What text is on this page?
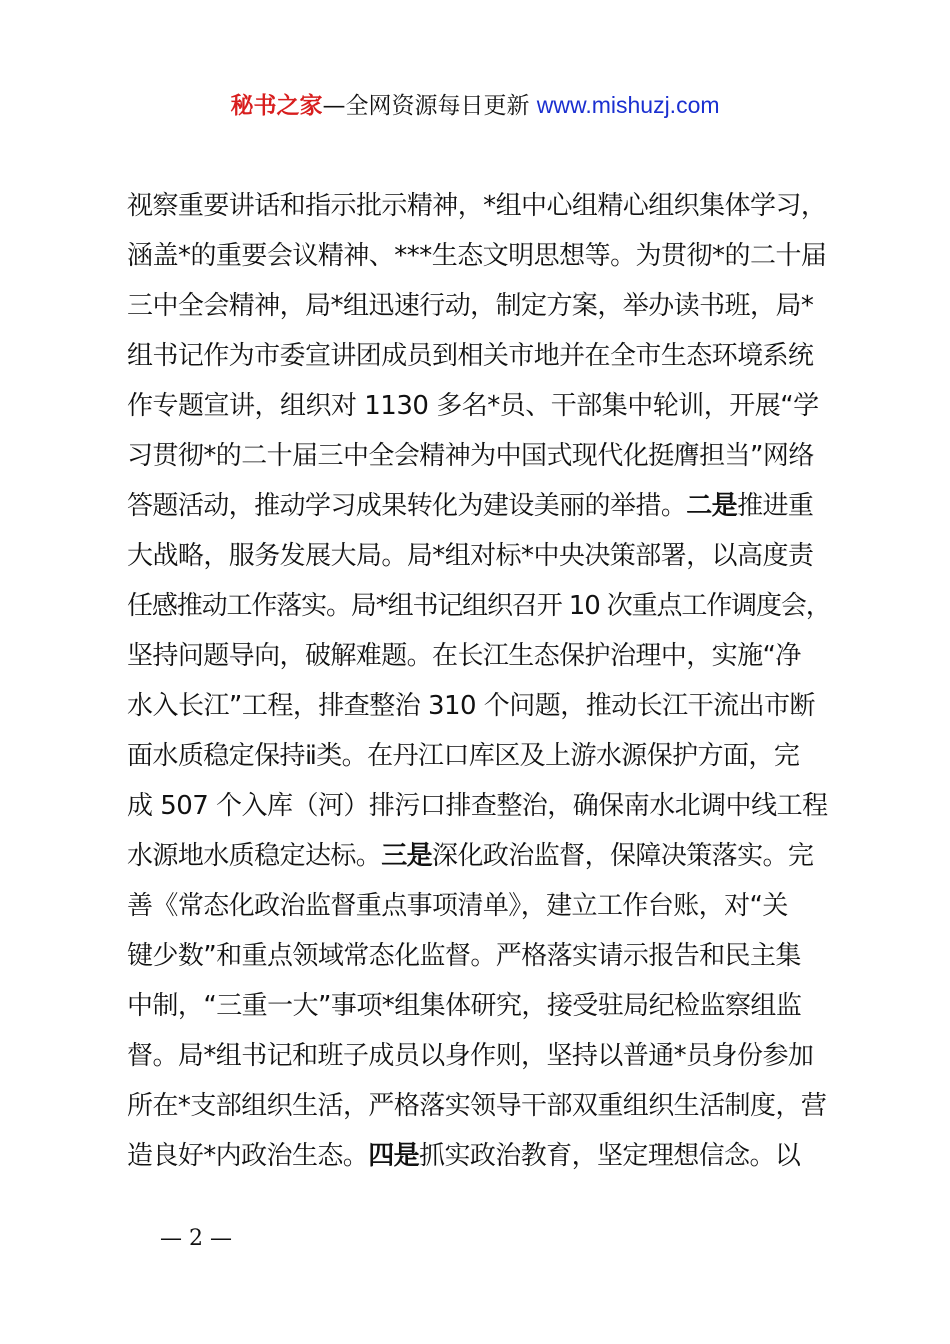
秘书之家—全网资源每日更新 www.mishuzj.com
视察重要讲话和指示批示精神，*组中心组精心组织集体学习，
涵盖*的重要会议精神、***生态文明思想等。为贯彻*的二十届
三中全会精神，局*组迅速行动，制定方案，举办读书班，局*
组书记作为市委宣讲团成员到相关市地并在全市生态环境系统
作专题宣讲，组织对 1130 多名*员、干部集中轮训，开展“学
习贯彻*的二十届三中全会精神为中国式现代化挺膺担当”网络
答题活动，推动学习成果转化为建设美丽的举措。二是推进重
大战略，服务发展大局。局*组对标*中央决策部署，以高度责
任感推动工作落实。局*组书记组织召开 10 次重点工作调度会，
坚持问题导向，破解难题。在长江生态保护治理中，实施“净
水入长江”工程，排查整治 310 个问题，推动长江干流出市断
面水质稳定保持ⅱ类。在丹江口库区及上游水源保护方面，完
成 507 个入库（河）排污口排查整治，确保南水北调中线工程
水源地水质稳定达标。三是深化政治监督，保障决策落实。完
善《常态化政治监督重点事项清单》，建立工作台账，对“关
键少数”和重点领域常态化监督。严格落实请示报告和民主集
中制，“三重一大”事项*组集体研究，接受驻局纪检监察组监
督。局*组书记和班子成员以身作则，坚持以普通*员身份参加
所在*支部组织生活，严格落实领导干部双重组织生活制度，营
造良好*内政治生态。四是抓实政治教育，坚定理想信念。以
— 2 —
